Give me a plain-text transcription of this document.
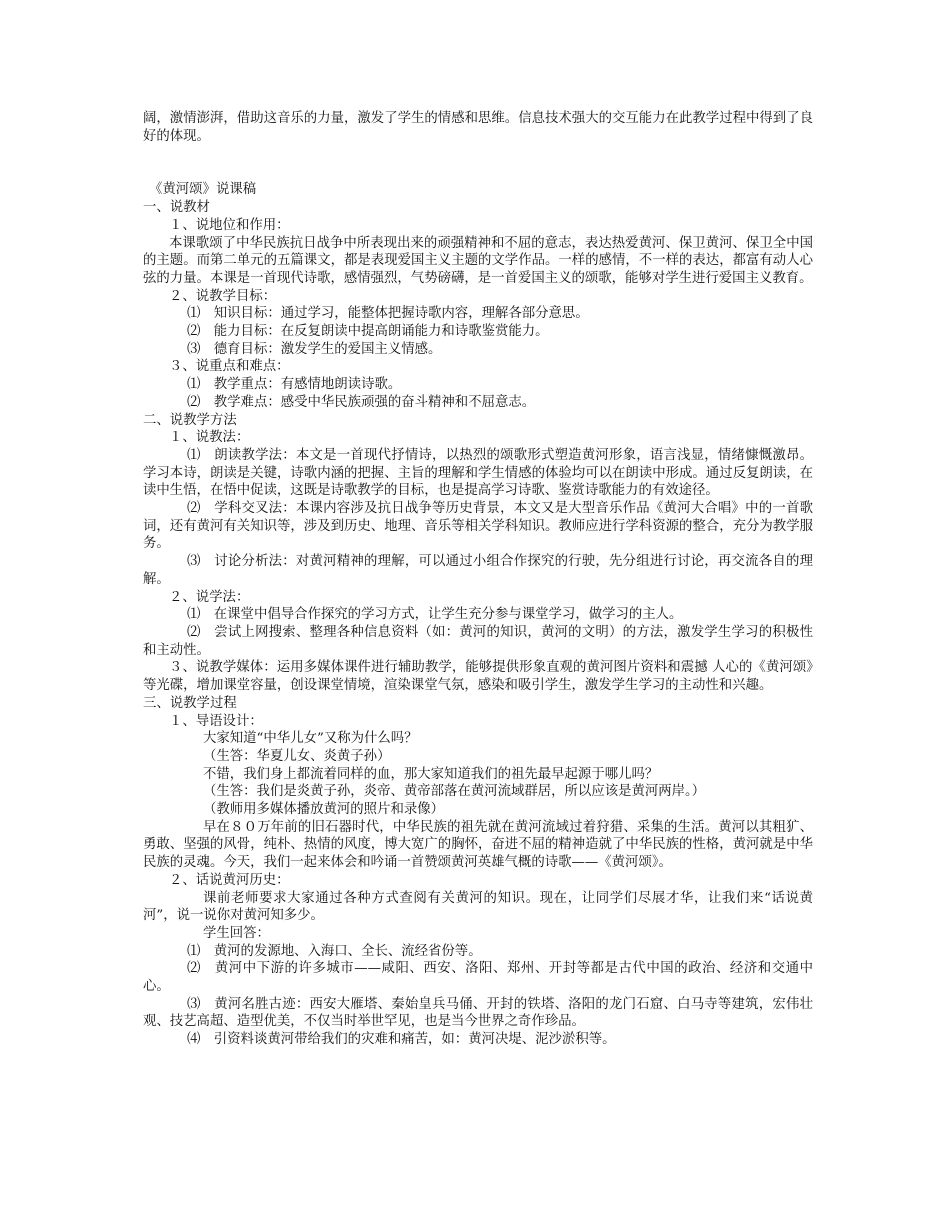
阔，激情澎湃，借助这音乐的力量，激发了学生的情感和思维。信息技术强大的交互能力在此教学过程中得到了良好的体现。

《黄河颂》说课稿

一、说教材

１、说地位和作用：

本课歌颂了中华民族抗日战争中所表现出来的顽强精神和不屈的意志，表达热爱黄河、保卫黄河、保卫全中国的主题。而第二单元的五篇课文，都是表现爱国主义主题的文学作品。一样的感情，不一样的表达，都富有动人心弦的力量。本课是一首现代诗歌，感情强烈，气势磅礴，是一首爱国主义的颂歌，能够对学生进行爱国主义教育。

２、说教学目标：

⑴　知识目标：通过学习，能整体把握诗歌内容，理解各部分意思。

⑵　能力目标：在反复朗读中提高朗诵能力和诗歌鉴赏能力。

⑶　德育目标：激发学生的爱国主义情感。

３、说重点和难点：

⑴　教学重点：有感情地朗读诗歌。

⑵　教学难点：感受中华民族顽强的奋斗精神和不屈意志。

二、说教学方法

１、说教法：

⑴　朗读教学法：本文是一首现代抒情诗，以热烈的颂歌形式塑造黄河形象，语言浅显，情绪慷慨激昂。学习本诗，朗读是关键，诗歌内涵的把握、主旨的理解和学生情感的体验均可以在朗读中形成。通过反复朗读，在读中生悟，在悟中促读，这既是诗歌教学的目标，也是提高学习诗歌、鉴赏诗歌能力的有效途径。

⑵　学科交叉法：本课内容涉及抗日战争等历史背景，本文又是大型音乐作品《黄河大合唱》中的一首歌词，还有黄河有关知识等，涉及到历史、地理、音乐等相关学科知识。教师应进行学科资源的整合，充分为教学服务。

⑶　讨论分析法：对黄河精神的理解，可以通过小组合作探究的行驶，先分组进行讨论，再交流各自的理解。

２、说学法：

⑴　在课堂中倡导合作探究的学习方式，让学生充分参与课堂学习，做学习的主人。

⑵　尝试上网搜索、整理各种信息资料（如：黄河的知识，黄河的文明）的方法，激发学生学习的积极性和主动性。

３、说教学媒体：运用多媒体课件进行辅助教学，能够提供形象直观的黄河图片资料和震撼 人心的《黄河颂》等光碟，增加课堂容量，创设课堂情境，渲染课堂气氛，感染和吸引学生，激发学生学习的主动性和兴趣。

三、说教学过程

１、导语设计：

大家知道“中华儿女”又称为什么吗？

（生答：华夏儿女、炎黄子孙）

不错，我们身上都流着同样的血，那大家知道我们的祖先最早起源于哪儿吗？

（生答：我们是炎黄子孙，炎帝、黄帝部落在黄河流域群居，所以应该是黄河两岸。）

（教师用多媒体播放黄河的照片和录像）

早在８０万年前的旧石器时代，中华民族的祖先就在黄河流域过着狩猎、采集的生活。黄河以其粗犷、勇敢、坚强的风骨，纯朴、热情的风度，博大宽广的胸怀，奋进不屈的精神造就了中华民族的性格，黄河就是中华民族的灵魂。今天，我们一起来体会和吟诵一首赞颂黄河英雄气概的诗歌——《黄河颂》。

２、话说黄河历史：

课前老师要求大家通过各种方式查阅有关黄河的知识。现在，让同学们尽展才华，让我们来“话说黄河”，说一说你对黄河知多少。

学生回答：

⑴　黄河的发源地、入海口、全长、流经省份等。

⑵　黄河中下游的许多城市——咸阳、西安、洛阳、郑州、开封等都是古代中国的政治、经济和交通中心。

⑶　黄河名胜古迹：西安大雁塔、秦始皇兵马俑、开封的铁塔、洛阳的龙门石窟、白马寺等建筑，宏伟壮观、技艺高超、造型优美，不仅当时举世罕见，也是当今世界之奇作珍品。

⑷　引资料谈黄河带给我们的灾难和痛苦，如：黄河决堤、泥沙淤积等。
